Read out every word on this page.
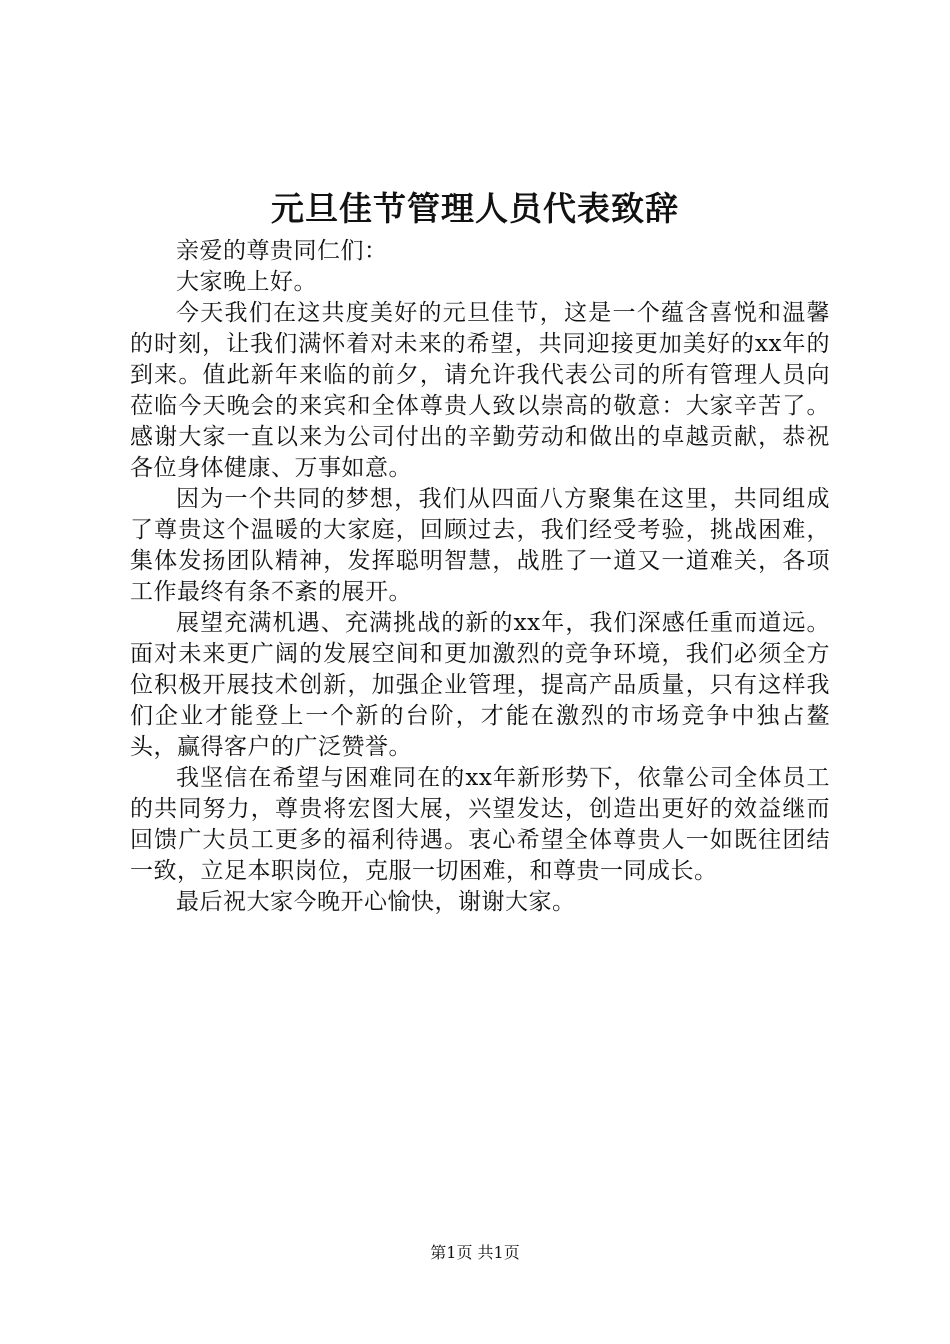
元旦佳节管理人员代表致辞

亲爱的尊贵同仁们：

大家晚上好。

今天我们在这共度美好的元旦佳节，这是一个蕴含喜悦和温馨的时刻，让我们满怀着对未来的希望，共同迎接更加美好的xx年的到来。值此新年来临的前夕，请允许我代表公司的所有管理人员向莅临今天晚会的来宾和全体尊贵人致以崇高的敬意：大家辛苦了。感谢大家一直以来为公司付出的辛勤劳动和做出的卓越贡献，恭祝各位身体健康、万事如意。

因为一个共同的梦想，我们从四面八方聚集在这里，共同组成了尊贵这个温暖的大家庭，回顾过去，我们经受考验，挑战困难，集体发扬团队精神，发挥聪明智慧，战胜了一道又一道难关，各项工作最终有条不紊的展开。

展望充满机遇、充满挑战的新的xx年，我们深感任重而道远。面对未来更广阔的发展空间和更加激烈的竞争环境，我们必须全方位积极开展技术创新，加强企业管理，提高产品质量，只有这样我们企业才能登上一个新的台阶，才能在激烈的市场竞争中独占鳌头，赢得客户的广泛赞誉。

我坚信在希望与困难同在的xx年新形势下，依靠公司全体员工的共同努力，尊贵将宏图大展，兴望发达，创造出更好的效益继而回馈广大员工更多的福利待遇。衷心希望全体尊贵人一如既往团结一致，立足本职岗位，克服一切困难，和尊贵一同成长。

最后祝大家今晚开心愉快，谢谢大家。

第1页 共1页
